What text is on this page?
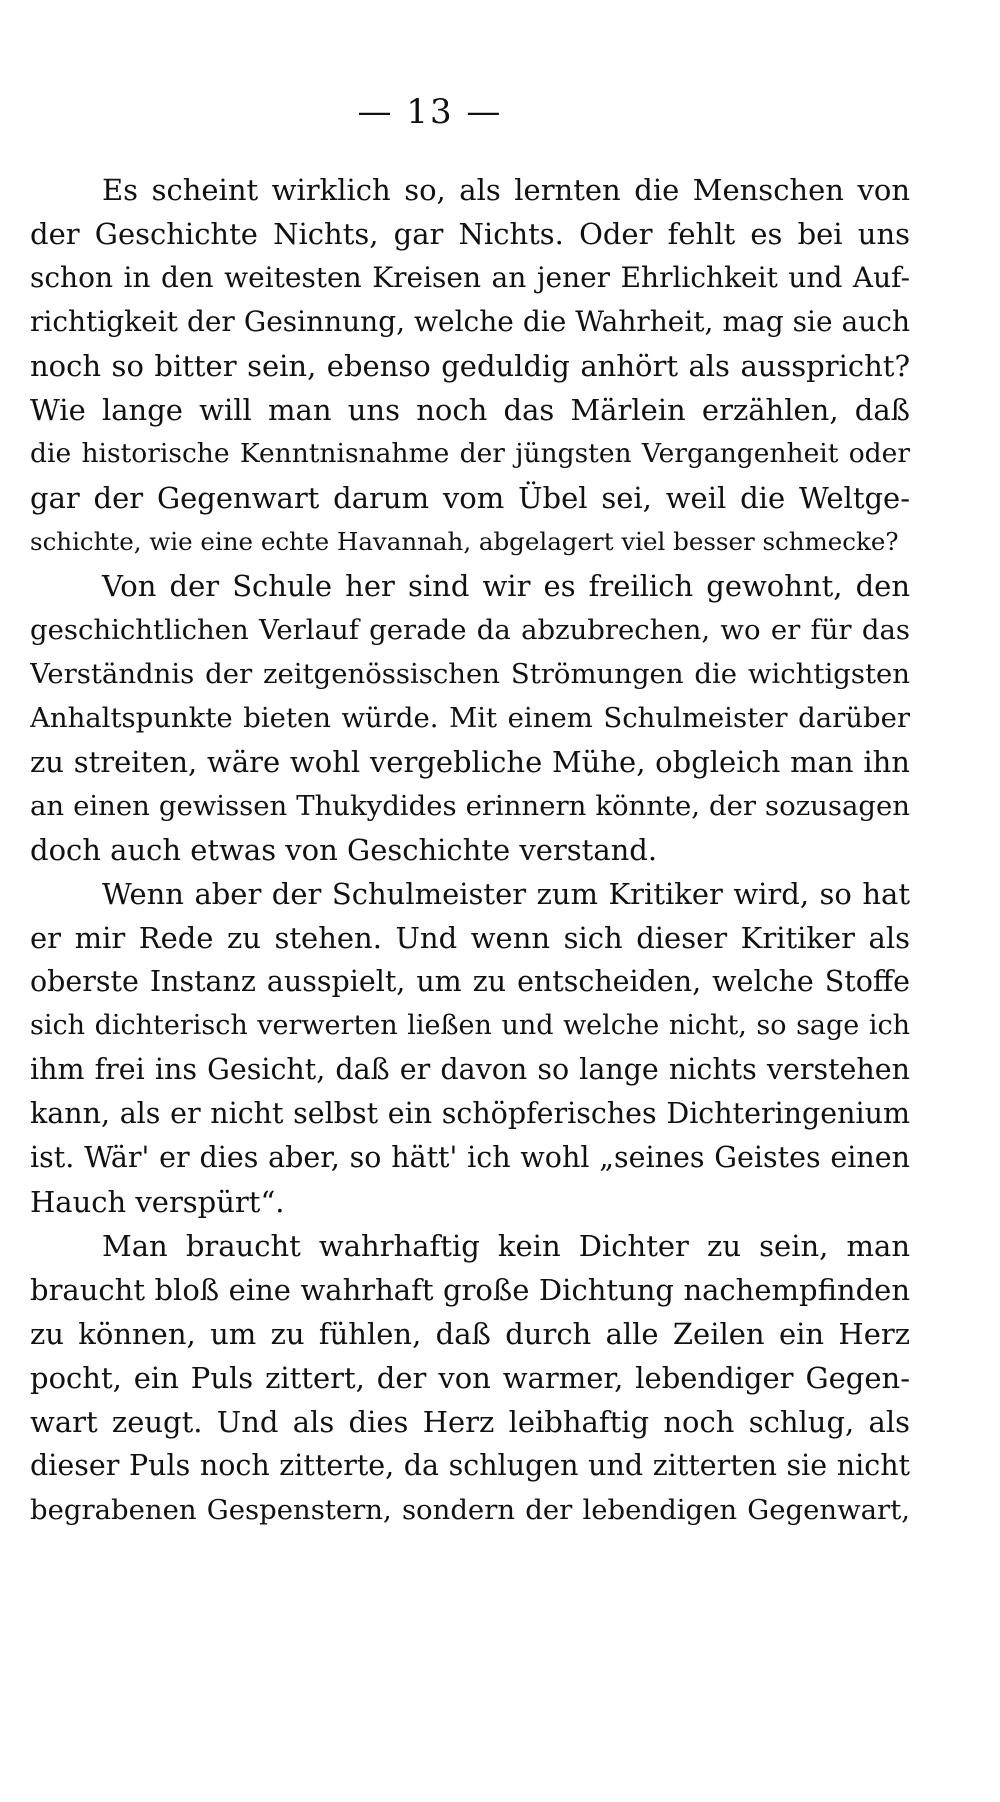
— 13 —
Es scheint wirklich so, als lernten die Menschen von
der Geschichte Nichts, gar Nichts. Oder fehlt es bei uns
schon in den weitesten Kreisen an jener Ehrlichkeit und Auf-
richtigkeit der Gesinnung, welche die Wahrheit, mag sie auch
noch so bitter sein, ebenso geduldig anhört als ausspricht?
Wie lange will man uns noch das Märlein erzählen, daß
die historische Kenntnisnahme der jüngsten Vergangenheit oder
gar der Gegenwart darum vom Übel sei, weil die Weltge-
schichte, wie eine echte Havannah, abgelagert viel besser schmecke?
Von der Schule her sind wir es freilich gewohnt, den
geschichtlichen Verlauf gerade da abzubrechen, wo er für das
Verständnis der zeitgenössischen Strömungen die wichtigsten
Anhaltspunkte bieten würde. Mit einem Schulmeister darüber
zu streiten, wäre wohl vergebliche Mühe, obgleich man ihn
an einen gewissen Thukydides erinnern könnte, der sozusagen
doch auch etwas von Geschichte verstand.
Wenn aber der Schulmeister zum Kritiker wird, so hat
er mir Rede zu stehen. Und wenn sich dieser Kritiker als
oberste Instanz ausspielt, um zu entscheiden, welche Stoffe
sich dichterisch verwerten ließen und welche nicht, so sage ich
ihm frei ins Gesicht, daß er davon so lange nichts verstehen
kann, als er nicht selbst ein schöpferisches Dichteringenium
ist. Wär' er dies aber, so hätt' ich wohl „seines Geistes einen
Hauch verspürt“.
Man braucht wahrhaftig kein Dichter zu sein, man
braucht bloß eine wahrhaft große Dichtung nachempfinden
zu können, um zu fühlen, daß durch alle Zeilen ein Herz
pocht, ein Puls zittert, der von warmer, lebendiger Gegen-
wart zeugt. Und als dies Herz leibhaftig noch schlug, als
dieser Puls noch zitterte, da schlugen und zitterten sie nicht
begrabenen Gespenstern, sondern der lebendigen Gegenwart,
